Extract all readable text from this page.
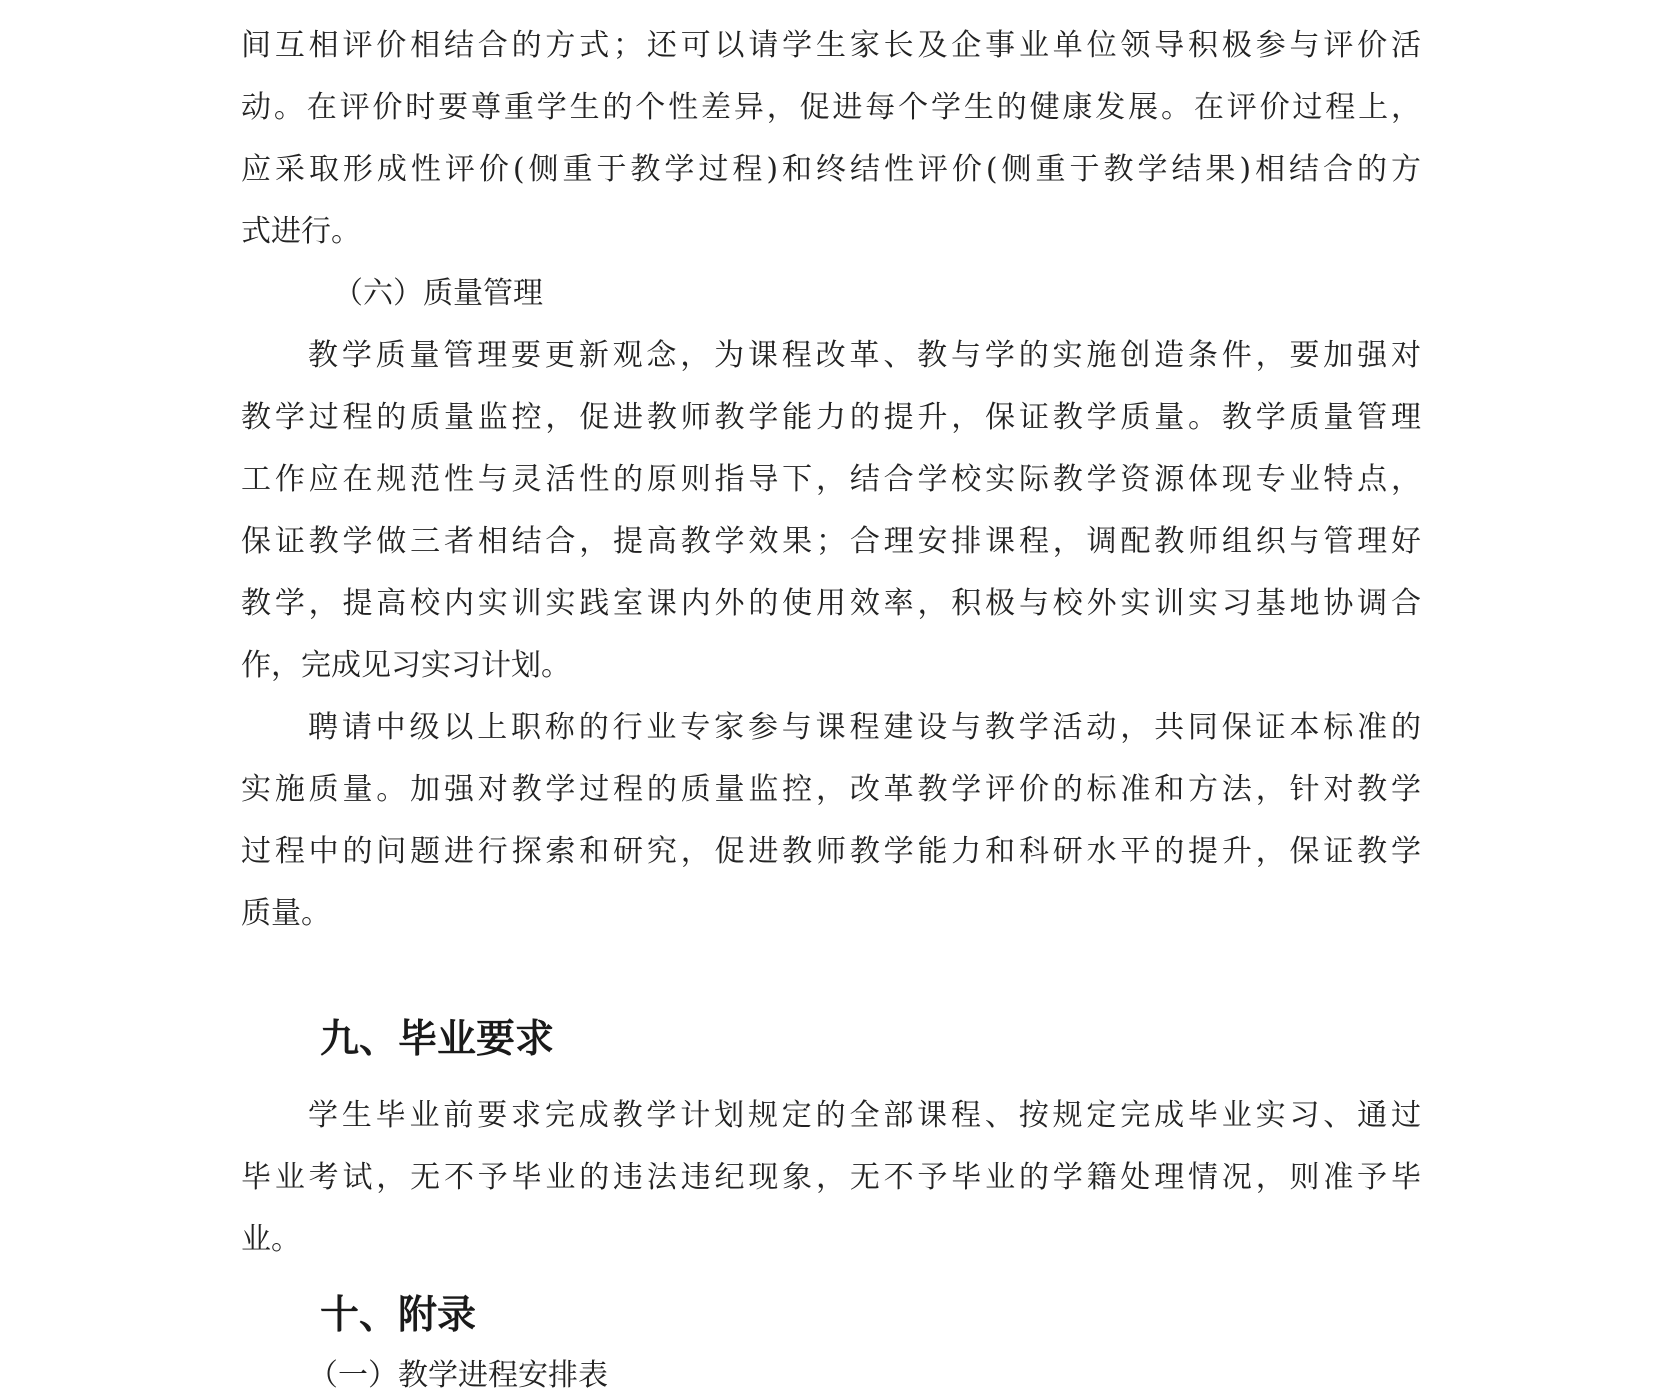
间互相评价相结合的方式；还可以请学生家长及企事业单位领导积极参与评价活
动。在评价时要尊重学生的个性差异，促进每个学生的健康发展。在评价过程上，
应采取形成性评价(侧重于教学过程)和终结性评价(侧重于教学结果)相结合的方
式进行。
（六）质量管理
教学质量管理要更新观念，为课程改革、教与学的实施创造条件，要加强对
教学过程的质量监控，促进教师教学能力的提升，保证教学质量。教学质量管理
工作应在规范性与灵活性的原则指导下，结合学校实际教学资源体现专业特点，
保证教学做三者相结合，提高教学效果；合理安排课程，调配教师组织与管理好
教学，提高校内实训实践室课内外的使用效率，积极与校外实训实习基地协调合
作，完成见习实习计划。
聘请中级以上职称的行业专家参与课程建设与教学活动，共同保证本标准的
实施质量。加强对教学过程的质量监控，改革教学评价的标准和方法，针对教学
过程中的问题进行探索和研究，促进教师教学能力和科研水平的提升，保证教学
质量。
九、毕业要求
学生毕业前要求完成教学计划规定的全部课程、按规定完成毕业实习、通过
毕业考试，无不予毕业的违法违纪现象，无不予毕业的学籍处理情况，则准予毕
业。
十、附录
（一）教学进程安排表
